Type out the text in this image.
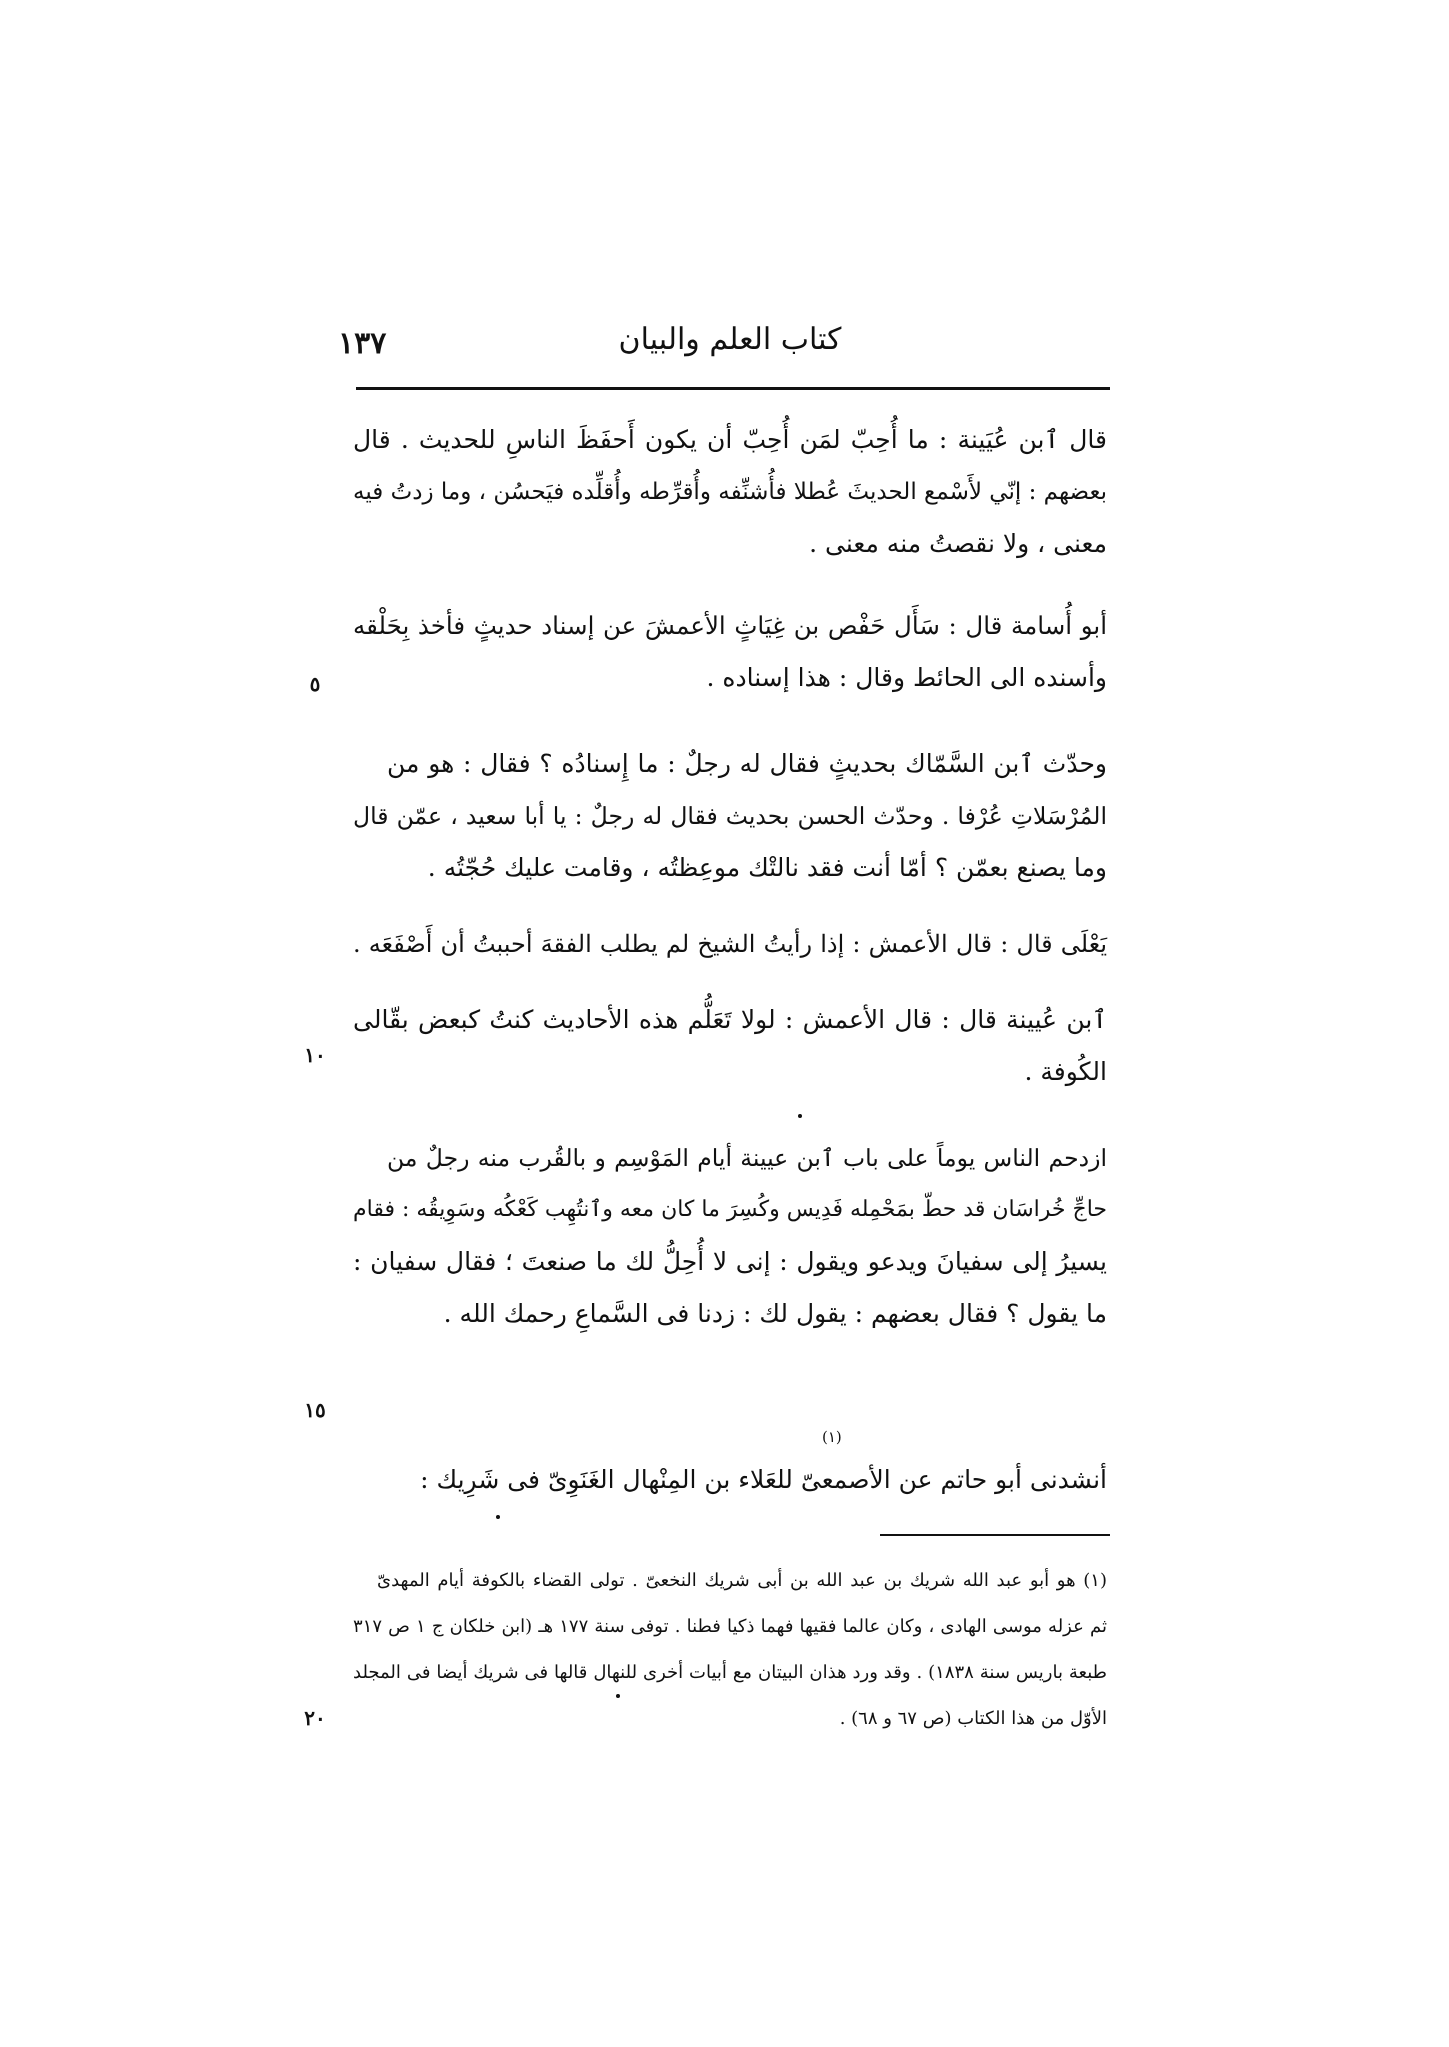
١٣٧	كتاب العلم والبيان
قال ٱبن عُيَينة : ما أُحِبّ لمَن أُحِبّ أن يكون أَحفَظَ الناسِ للحديث . قال
بعضهم : إنّي لأَسْمع الحديثَ عُطلا فأُشنِّفه وأُقرِّطه وأُقلِّده فيَحسُن ، وما زدتُ فيه
معنى ، ولا نقصتُ منه معنى .
أبو أُسامة قال : سَأَل حَفْص بن غِيَاثٍ الأعمشَ عن إسناد حديثٍ فأخذ بِحَلْقه
وأسنده الى الحائط وقال : هذا إسناده .
وحدّث ٱبن السَّمّاك بحديثٍ فقال له رجلٌ : ما إِسنادُه ؟ فقال : هو من
المُرْسَلاتِ عُرْفا . وحدّث الحسن بحديث فقال له رجلٌ : يا أبا سعيد ، عمّن قال
وما يصنع بعمّن ؟ أمّا أنت فقد نالتْك موعِظتُه ، وقامت عليك حُجّتُه .
يَعْلَى قال : قال الأعمش : إذا رأيتُ الشيخ لم يطلب الفقهَ أحببتُ أن أَصْفَعَه .
ٱبن عُيينة قال : قال الأعمش : لولا تَعَلُّم هذه الأحاديث كنتُ كبعض بقّالى
الكُوفة .
ازدحم الناس يوماً على باب ٱبن عيينة أيام المَوْسِم و بالقُرب منه رجلٌ من
حاجِّ خُراسَان قد حطّ بمَحْمِله فَدِيس وكُسِرَ ما كان معه وٱنتُهِب كَعْكُه وسَوِيقُه : فقام
يسيرُ إلى سفيانَ ويدعو ويقول : إنى لا أُحِلُّ لك ما صنعتَ ؛ فقال سفيان :
ما يقول ؟ فقال بعضهم : يقول لك : زدنا فى السَّماعِ رحمك الله .
أنشدنى أبو حاتم عن الأصمعىّ للعَلاء بن المِنْهال الغَنَوِىّ فى شَرِيك :
(١)
٥
١٠
١٥
٢٠
(١) هو أبو عبد الله شريك بن عبد الله بن أبى شريك النخعىّ . تولى القضاء بالكوفة أيام المهدىّ
ثم عزله موسى الهادى ، وكان عالما فقيها فهما ذكيا فطنا . توفى سنة ١٧٧ هـ (ابن خلكان ج ١ ص ٣١٧
طبعة باريس سنة ١٨٣٨) . وقد ورد هذان البيتان مع أبيات أخرى للنهال قالها فى شريك أيضا فى المجلد
الأوّل من هذا الكتاب (ص ٦٧ و ٦٨) .
